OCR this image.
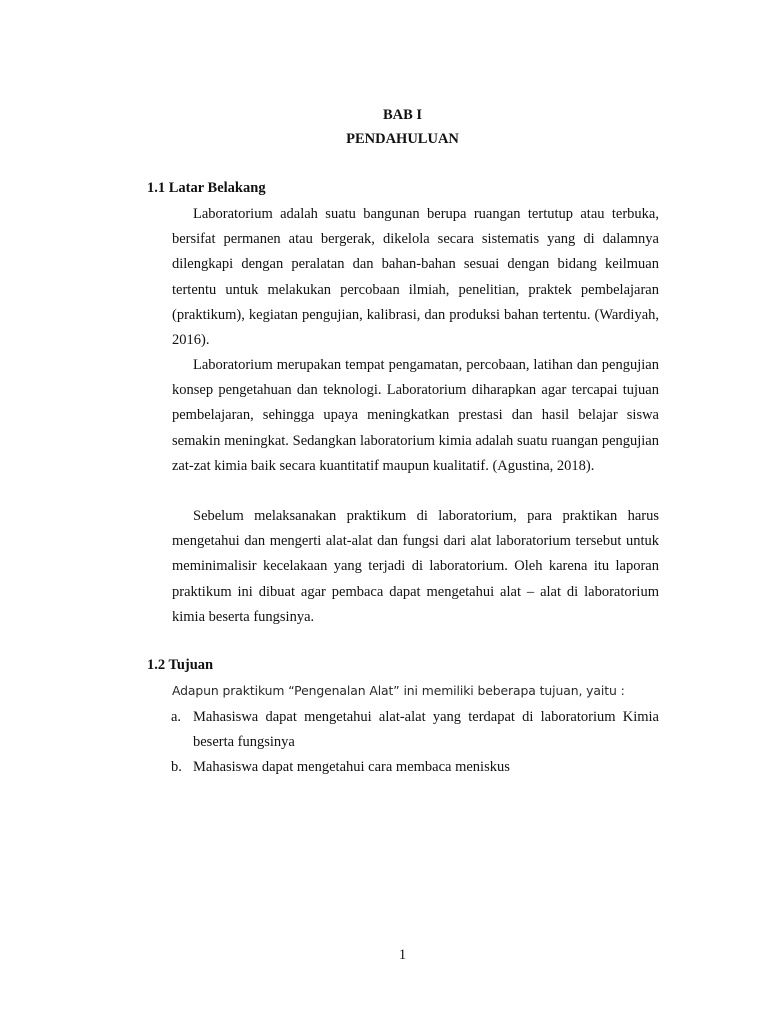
BAB I
PENDAHULUAN
1.1 Latar Belakang

Laboratorium adalah suatu bangunan berupa ruangan tertutup atau terbuka, bersifat permanen atau bergerak, dikelola secara sistematis yang di dalamnya dilengkapi dengan peralatan dan bahan-bahan sesuai dengan bidang keilmuan tertentu untuk melakukan percobaan ilmiah, penelitian, praktek pembelajaran (praktikum), kegiatan pengujian, kalibrasi, dan produksi bahan tertentu. (Wardiyah, 2016).

Laboratorium merupakan tempat pengamatan, percobaan, latihan dan pengujian konsep pengetahuan dan teknologi. Laboratorium diharapkan agar tercapai tujuan pembelajaran, sehingga upaya meningkatkan prestasi dan hasil belajar siswa semakin meningkat. Sedangkan laboratorium kimia adalah suatu ruangan pengujian zat-zat kimia baik secara kuantitatif maupun kualitatif. (Agustina, 2018).

Sebelum melaksanakan praktikum di laboratorium, para praktikan harus mengetahui dan mengerti alat-alat dan fungsi dari alat laboratorium tersebut untuk meminimalisir kecelakaan yang terjadi di laboratorium. Oleh karena itu laporan praktikum ini dibuat agar pembaca dapat mengetahui alat – alat di laboratorium kimia beserta fungsinya.

1.2 Tujuan
Adapun praktikum “Pengenalan Alat” ini memiliki beberapa tujuan, yaitu :
a. Mahasiswa dapat mengetahui alat-alat yang terdapat di laboratorium Kimia beserta fungsinya
b. Mahasiswa dapat mengetahui cara membaca meniskus
1
